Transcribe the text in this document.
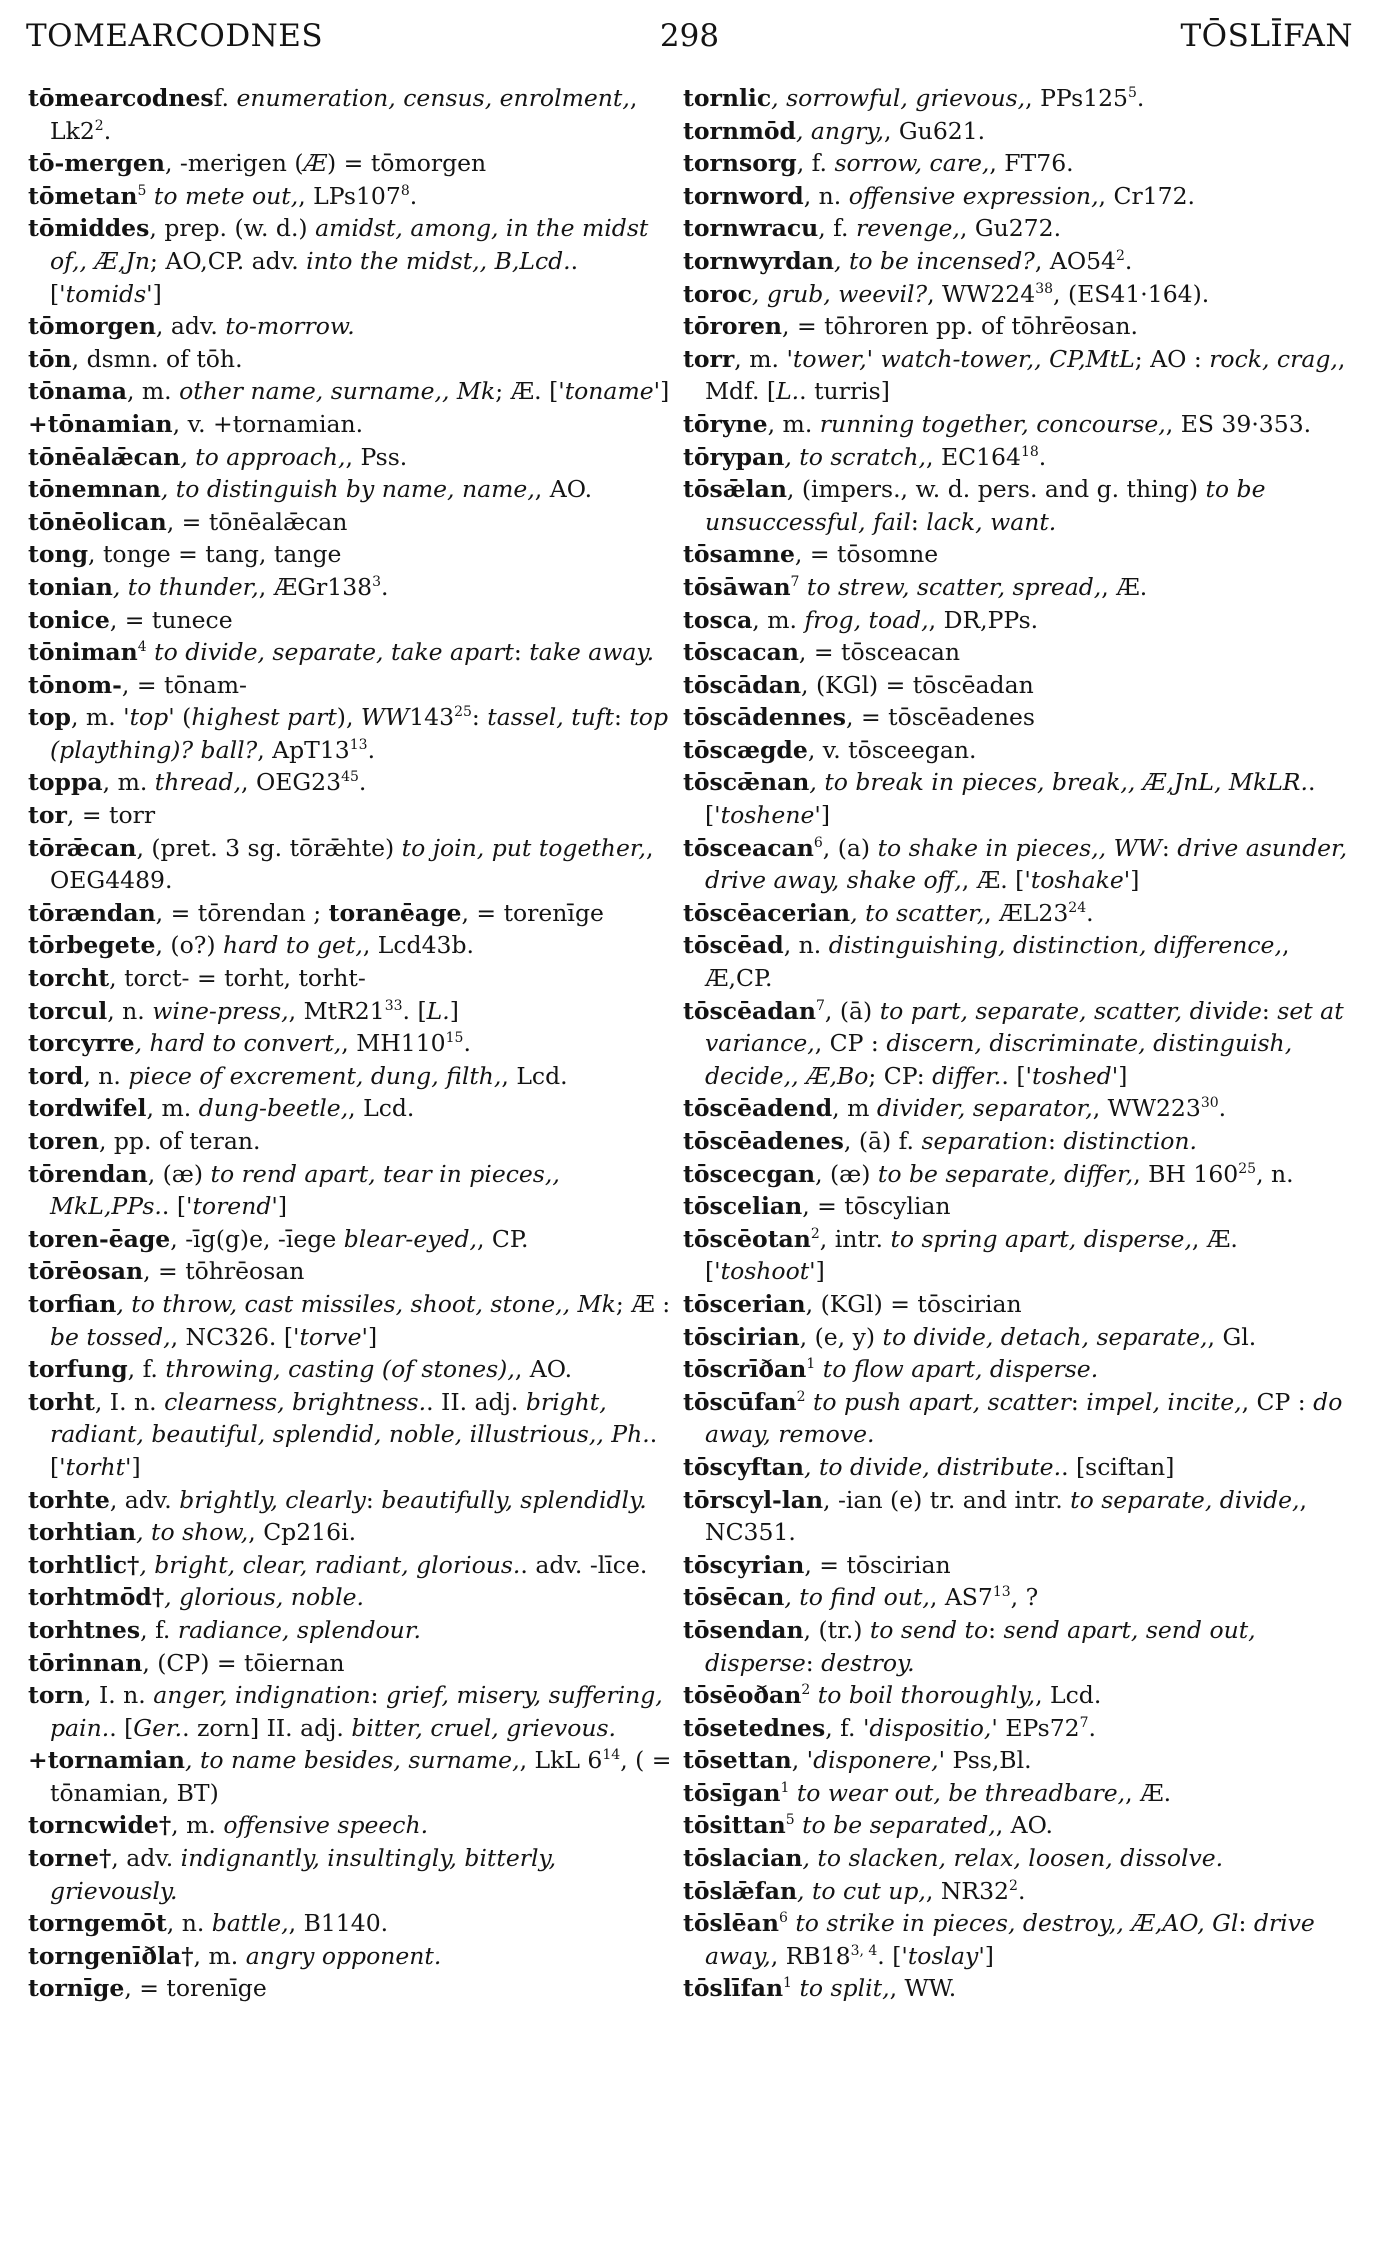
TOMEARCODNES	298	TŌSLĪFAN

tōmearcodnesf. enumeration, census, enrolment,, $Lk2^2$.

tō-mergen, -merigen (Æ) = tōmorgen

tōmetan$^5$ to mete out,, $LPs107^8$.

tōmiddes, prep. (w. d.) amidst, among, in the midst of,, Æ,Jn; AO,CP. adv. into the midst,, B,Lcd.. ['tomids']

tōmorgen, adv. to-morrow.

tōn, dsmn. of tōh.

tōnama, m. other name, surname,, Mk; Æ. ['toname']

+tōnamian, v. +tornamian.

tōnēalǣcan, to approach,, Pss.

tōnemnan, to distinguish by name, name,, AO.

tōnēolican, = tōnēalǣcan

tong, tonge = tang, tange

tonian, to thunder,, $ÆGr138^3$.

tonice, = tunece

tōniman$^4$ to divide, separate, take apart: take away.

tōnom-, = tōnam-

top, m. 'top' (highest part), $WW143^{25}$: tassel, tuft: top (plaything)? ball?, $ApT13^{13}$.

toppa, m. thread,, $OEG23^{45}$.

tor, = torr

tōrǣcan, (pret. 3 sg. tōrǣhte) to join, put together,, OEG4489.

tōrændan, = tōrendan ; toranēage, = torenīge

tōrbegete, (o?) hard to get,, Lcd43b.

torcht, torct- = torht, torht-

torcul, n. wine-press,, $MtR21^{33}$. [L.]

torcyrre, hard to convert,, $MH110^{15}$.

tord, n. piece of excrement, dung, filth,, Lcd.

tordwifel, m. dung-beetle,, Lcd.

toren, pp. of teran.

tōrendan, (æ) to rend apart, tear in pieces,, MkL,PPs.. ['torend']

toren-ēage, -īg(g)e, -īege blear-eyed,, CP.

tōrēosan, = tōhrēosan

torfian, to throw, cast missiles, shoot, stone,, Mk; Æ : be tossed,, NC326. ['torve']

torfung, f. throwing, casting (of stones),, AO.

torht, I. n. clearness, brightness.. II. adj. bright, radiant, beautiful, splendid, noble, illustrious,, Ph.. ['torht']

torhte, adv. brightly, clearly: beautifully, splendidly.

torhtian, to show,, Cp216i.

torhtlic†, bright, clear, radiant, glorious.. adv. -līce.

torhtmōd†, glorious, noble.

torhtnes, f. radiance, splendour.

tōrinnan, (CP) = tōiernan

torn, I. n. anger, indignation: grief, misery, suffering, pain.. [Ger.. zorn] II. adj. bitter, cruel, grievous.

+tornamian, to name besides, surname,, LkL $6^{14}$, ( = tōnamian, BT)

torncwide†, m. offensive speech.

torne†, adv. indignantly, insultingly, bitterly, grievously.

torngemōt, n. battle,, B1140.

torngenīðla†, m. angry opponent.

tornīge, = torenīge

tornlic, sorrowful, grievous,, $PPs125^5$.

tornmōd, angry,, Gu621.

tornsorg, f. sorrow, care,, FT76.

tornword, n. offensive expression,, Cr172.

tornwracu, f. revenge,, Gu272.

tornwyrdan, to be incensed?, $AO54^2$.

toroc, grub, weevil?, $WW224^{38}$, (ES41·164).

tōroren, = tōhroren pp. of tōhrēosan.

torr, m. 'tower,' watch-tower,, CP,MtL; AO : rock, crag,, Mdf. [L.. turris]

tōryne, m. running together, concourse,, ES 39·353.

tōrypan, to scratch,, $EC164^{18}$.

tōsǣlan, (impers., w. d. pers. and g. thing) to be unsuccessful, fail: lack, want.

tōsamne, = tōsomne

tōsāwan$^7$ to strew, scatter, spread,, Æ.

tosca, m. frog, toad,, DR,PPs.

tōscacan, = tōsceacan

tōscādan, (KGl) = tōscēadan

tōscādennes, = tōscēadenes

tōscægde, v. tōsceegan.

tōscǣnan, to break in pieces, break,, Æ,JnL, MkLR.. ['toshene']

tōsceacan$^6$, (a) to shake in pieces,, WW: drive asunder, drive away, shake off,, Æ. ['toshake']

tōscēacerian, to scatter,, $ÆL23^{24}$.

tōscēad, n. distinguishing, distinction, difference,, Æ,CP.

tōscēadan$^7$, (ā) to part, separate, scatter, divide: set at variance,, CP : discern, discriminate, distinguish, decide,, Æ,Bo; CP: differ.. ['toshed']

tōscēadend, m divider, separator,, $WW223^{30}$.

tōscēadenes, (ā) f. separation: distinction.

tōscecgan, (æ) to be separate, differ,, BH $160^{25}$, n.

tōscelian, = tōscylian

tōscēotan$^2$, intr. to spring apart, disperse,, Æ. ['toshoot']

tōscerian, (KGl) = tōscirian

tōscirian, (e, y) to divide, detach, separate,, Gl.

tōscrīðan$^1$ to flow apart, disperse.

tōscūfan$^2$ to push apart, scatter: impel, incite,, CP : do away, remove.

tōscyftan, to divide, distribute.. [sciftan]

tōrscyl-lan, -ian (e) tr. and intr. to separate, divide,, NC351.

tōscyrian, = tōscirian

tōsēcan, to find out,, $AS7^{13}$, ?

tōsendan, (tr.) to send to: send apart, send out, disperse: destroy.

tōsēoðan$^2$ to boil thoroughly,, Lcd.

tōsetednes, f. 'dispositio,' $EPs72^7$.

tōsettan, 'disponere,' Pss,Bl.

tōsīgan$^1$ to wear out, be threadbare,, Æ.

tōsittan$^5$ to be separated,, AO.

tōslacian, to slacken, relax, loosen, dissolve.

tōslǣfan, to cut up,, $NR32^2$.

tōslēan$^6$ to strike in pieces, destroy,, Æ,AO, Gl: drive away,, RB18$^{3, 4}$. ['toslay']

tōslīfan$^1$ to split,, WW.
